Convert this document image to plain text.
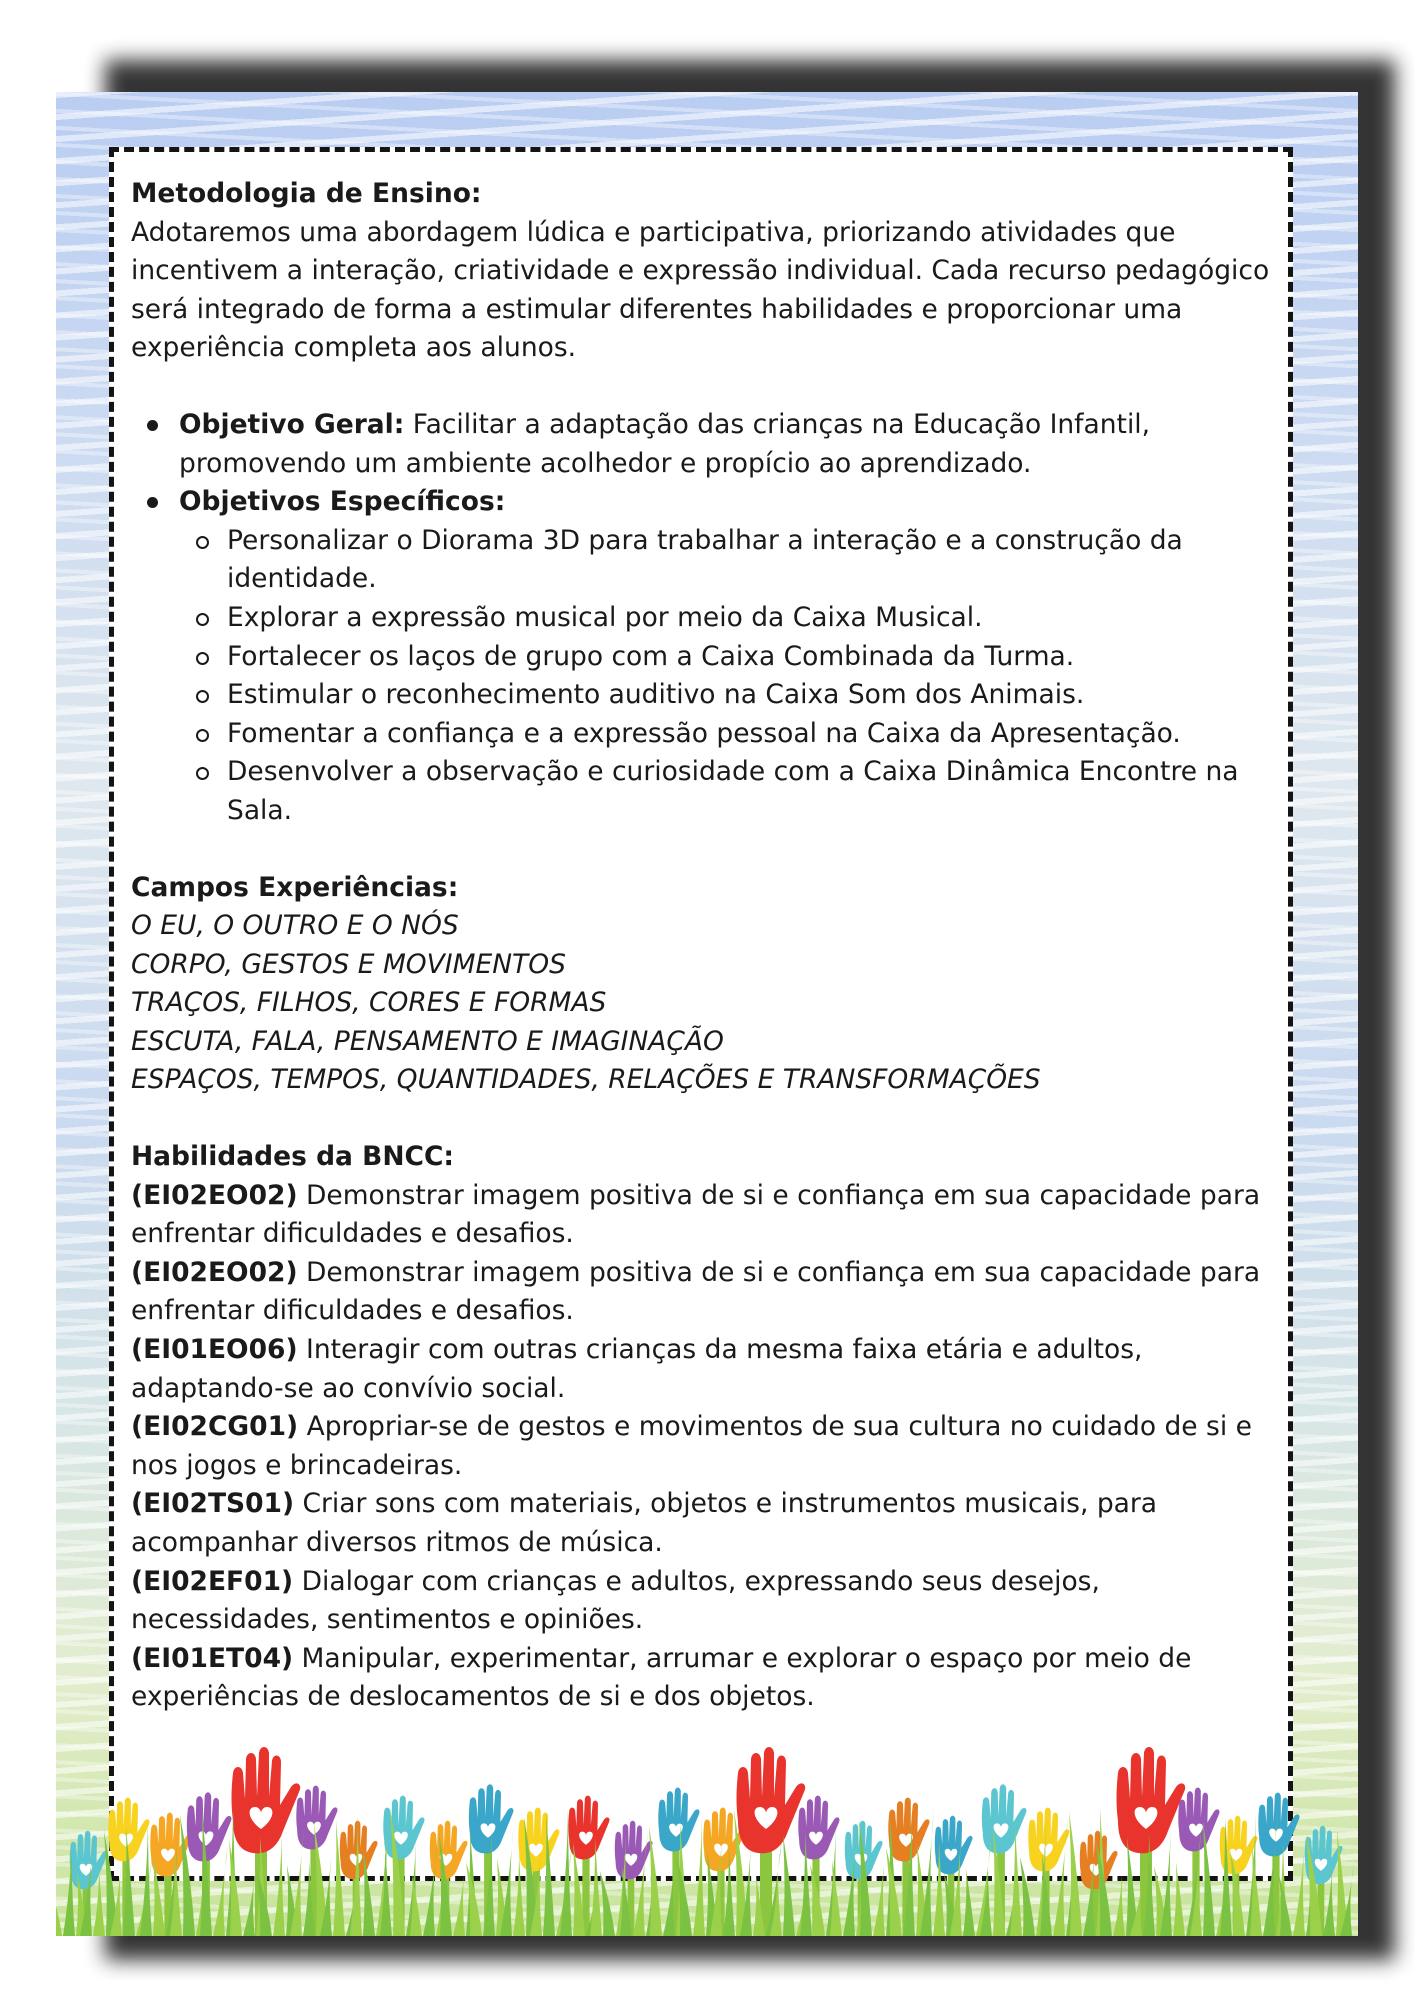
Metodologia de Ensino:

Adotaremos uma abordagem lúdica e participativa, priorizando atividades que incentivem a interação, criatividade e expressão individual. Cada recurso pedagógico será integrado de forma a estimular diferentes habilidades e proporcionar uma experiência completa aos alunos.

Objetivo Geral: Facilitar a adaptação das crianças na Educação Infantil, promovendo um ambiente acolhedor e propício ao aprendizado.
Objetivos Específicos:
Personalizar o Diorama 3D para trabalhar a interação e a construção da identidade.
Explorar a expressão musical por meio da Caixa Musical.
Fortalecer os laços de grupo com a Caixa Combinada da Turma.
Estimular o reconhecimento auditivo na Caixa Som dos Animais.
Fomentar a confiança e a expressão pessoal na Caixa da Apresentação.
Desenvolver a observação e curiosidade com a Caixa Dinâmica Encontre na Sala.

Campos Experiências:

O EU, O OUTRO E O NÓS

CORPO, GESTOS E MOVIMENTOS

TRAÇOS, FILHOS, CORES E FORMAS

ESCUTA, FALA, PENSAMENTO E IMAGINAÇÃO

ESPAÇOS, TEMPOS, QUANTIDADES, RELAÇÕES E TRANSFORMAÇÕES

Habilidades da BNCC:

(EI02EO02) Demonstrar imagem positiva de si e confiança em sua capacidade para enfrentar dificuldades e desafios.

(EI02EO02) Demonstrar imagem positiva de si e confiança em sua capacidade para enfrentar dificuldades e desafios.

(EI01EO06) Interagir com outras crianças da mesma faixa etária e adultos, adaptando-se ao convívio social.

(EI02CG01) Apropriar-se de gestos e movimentos de sua cultura no cuidado de si e nos jogos e brincadeiras.

(EI02TS01) Criar sons com materiais, objetos e instrumentos musicais, para acompanhar diversos ritmos de música.

(EI02EF01) Dialogar com crianças e adultos, expressando seus desejos, necessidades, sentimentos e opiniões.

(EI01ET04) Manipular, experimentar, arrumar e explorar o espaço por meio de experiências de deslocamentos de si e dos objetos.
